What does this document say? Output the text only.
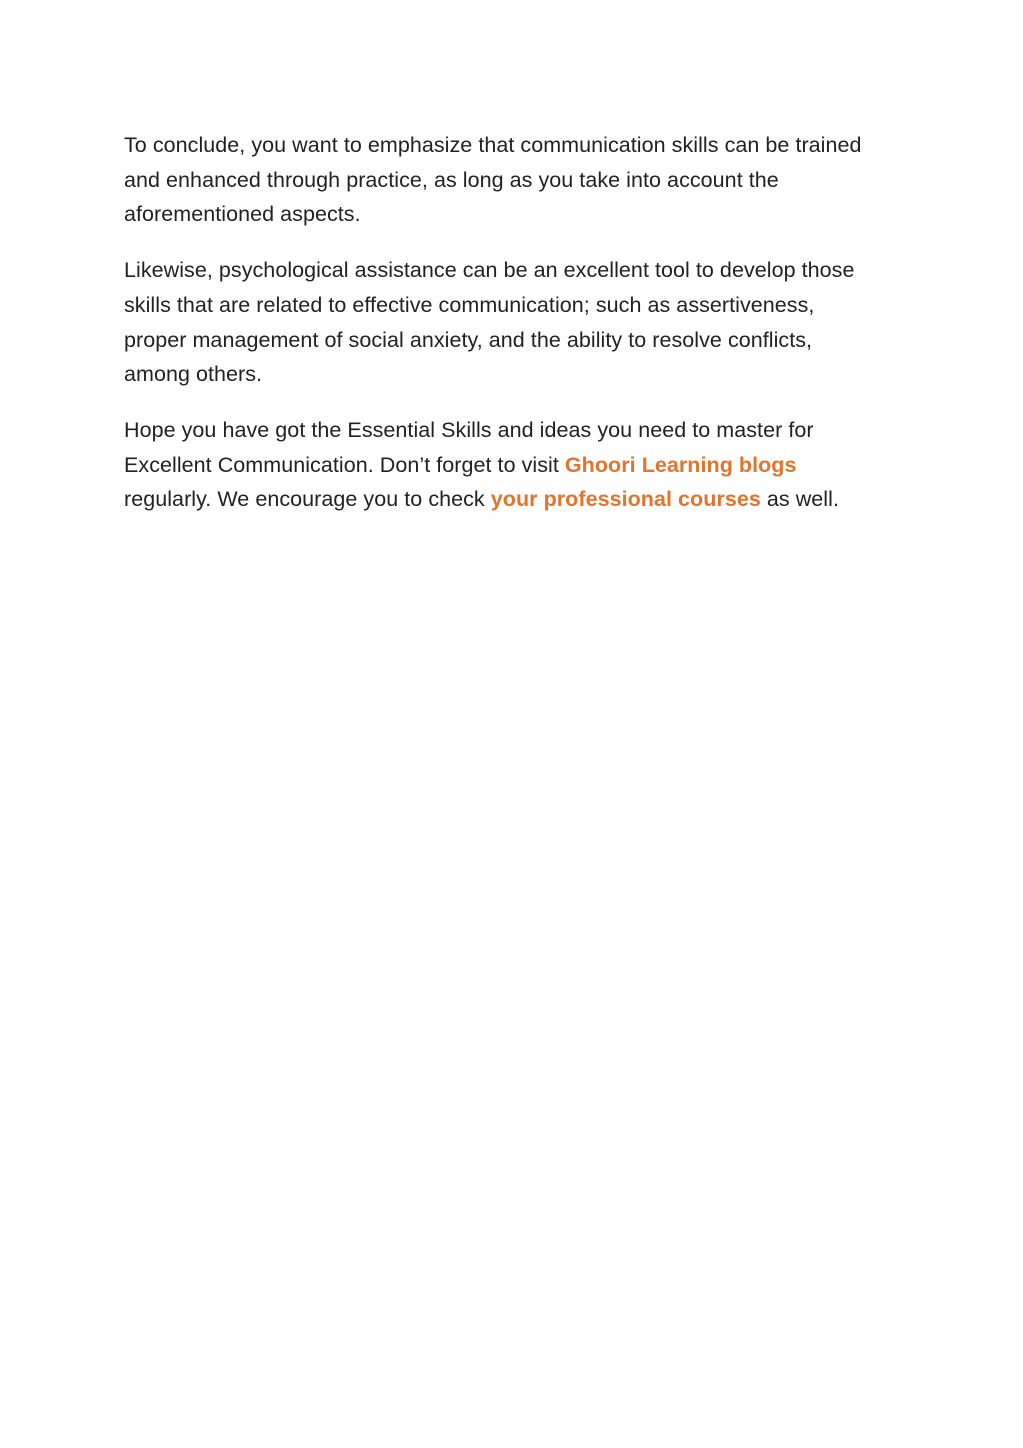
To conclude, you want to emphasize that communication skills can be trained and enhanced through practice, as long as you take into account the aforementioned aspects.

Likewise, psychological assistance can be an excellent tool to develop those skills that are related to effective communication; such as assertiveness, proper management of social anxiety, and the ability to resolve conflicts, among others.

Hope you have got the Essential Skills and ideas you need to master for Excellent Communication. Don’t forget to visit Ghoori Learning blogs regularly. We encourage you to check your professional courses as well.
